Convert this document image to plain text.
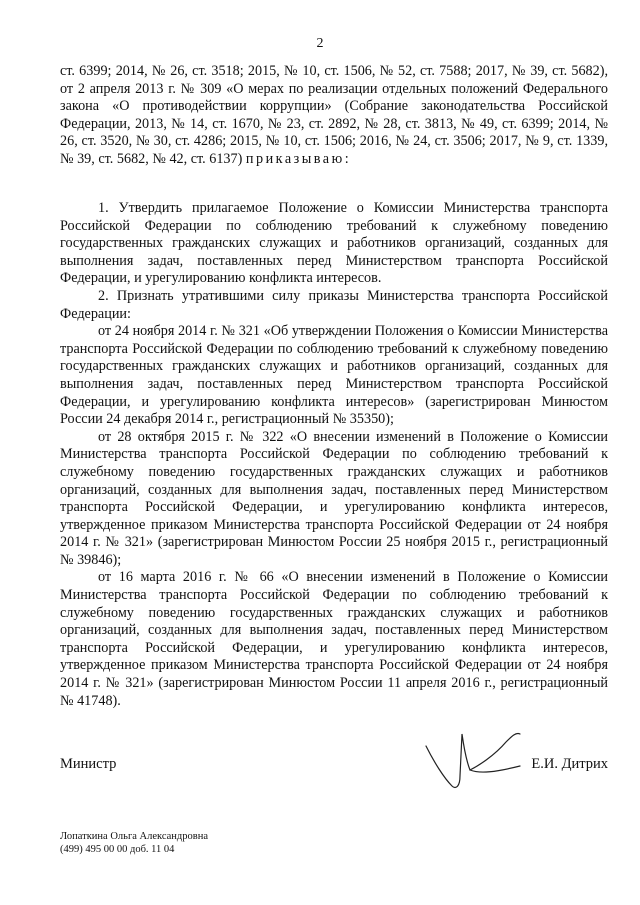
2

ст. 6399; 2014, № 26, ст. 3518; 2015, № 10, ст. 1506, № 52, ст. 7588; 2017, № 39, ст. 5682), от 2 апреля 2013 г. № 309 «О мерах по реализации отдельных положений Федерального закона «О противодействии коррупции» (Собрание законодательства Российской Федерации, 2013, № 14, ст. 1670, № 23, ст. 2892, № 28, ст. 3813, № 49, ст. 6399; 2014, № 26, ст. 3520, № 30, ст. 4286; 2015, № 10, ст. 1506; 2016, № 24, ст. 3506; 2017, № 9, ст. 1339, № 39, ст. 5682, № 42, ст. 6137) приказываю:

1. Утвердить прилагаемое Положение о Комиссии Министерства транспорта Российской Федерации по соблюдению требований к служебному поведению государственных гражданских служащих и работников организаций, созданных для выполнения задач, поставленных перед Министерством транспорта Российской Федерации, и урегулированию конфликта интересов.

2. Признать утратившими силу приказы Министерства транспорта Российской Федерации:

от 24 ноября 2014 г. № 321 «Об утверждении Положения о Комиссии Министерства транспорта Российской Федерации по соблюдению требований к служебному поведению государственных гражданских служащих и работников организаций, созданных для выполнения задач, поставленных перед Министерством транспорта Российской Федерации, и урегулированию конфликта интересов» (зарегистрирован Минюстом России 24 декабря 2014 г., регистрационный № 35350);

от 28 октября 2015 г. № 322 «О внесении изменений в Положение о Комиссии Министерства транспорта Российской Федерации по соблюдению требований к служебному поведению государственных гражданских служащих и работников организаций, созданных для выполнения задач, поставленных перед Министерством транспорта Российской Федерации, и урегулированию конфликта интересов, утвержденное приказом Министерства транспорта Российской Федерации от 24 ноября 2014 г. № 321» (зарегистрирован Минюстом России 25 ноября 2015 г., регистрационный № 39846);

от 16 марта 2016 г. № 66 «О внесении изменений в Положение о Комиссии Министерства транспорта Российской Федерации по соблюдению требований к служебному поведению государственных гражданских служащих и работников организаций, созданных для выполнения задач, поставленных перед Министерством транспорта Российской Федерации, и урегулированию конфликта интересов, утвержденное приказом Министерства транспорта Российской Федерации от 24 ноября 2014 г. № 321» (зарегистрирован Минюстом России 11 апреля 2016 г., регистрационный № 41748).

Министр	Е.И. Дитрих
Лопаткина Ольга Александровна
(499) 495 00 00 доб. 11 04
